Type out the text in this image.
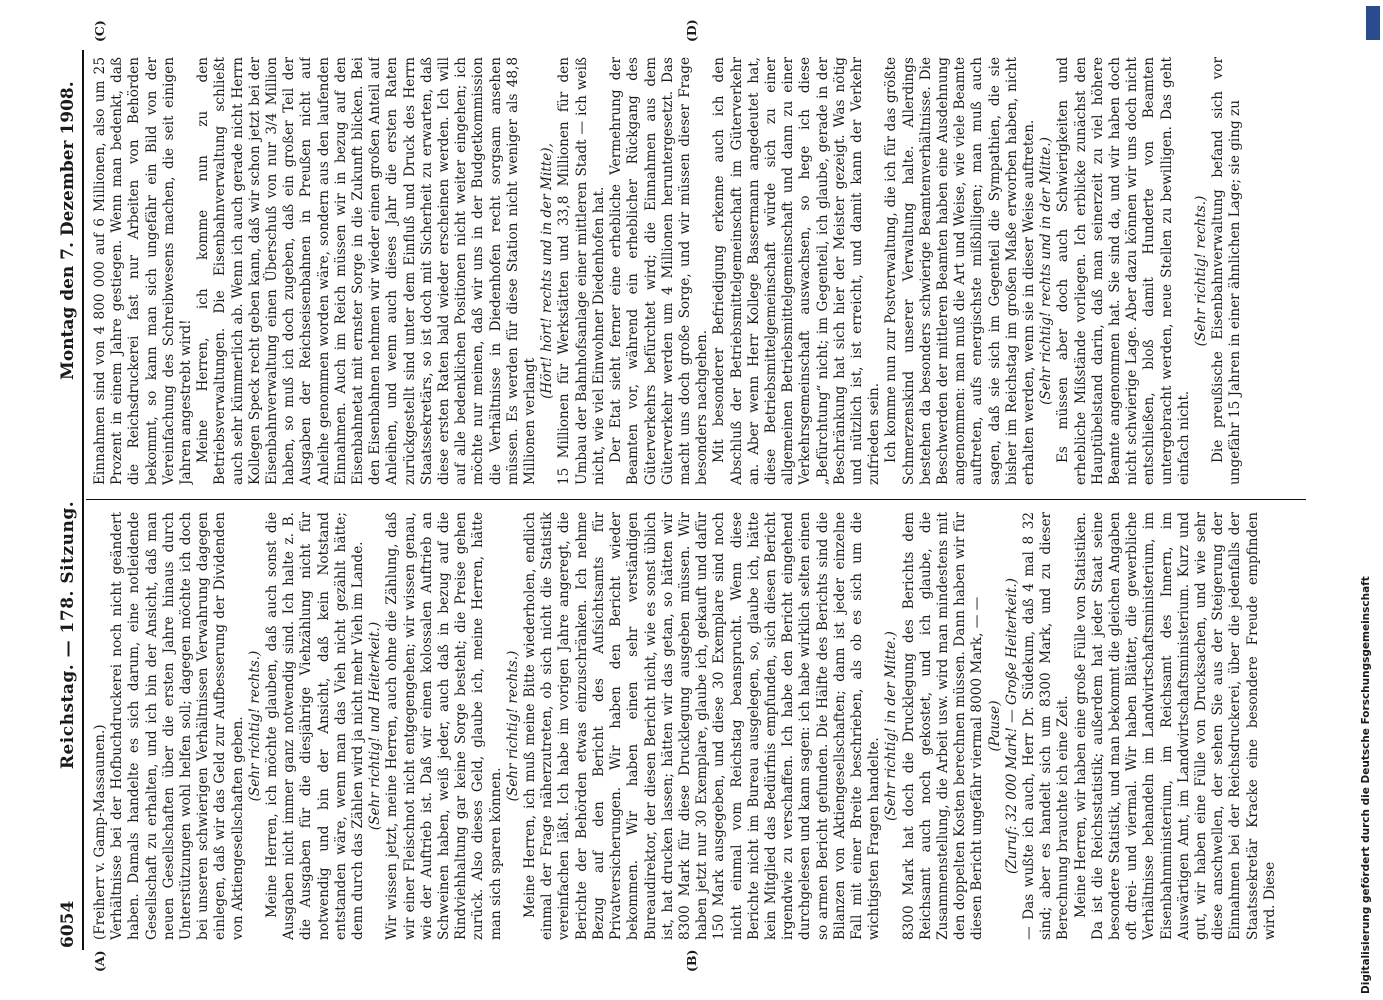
6054
Reichstag. — 178. Sitzung.
Montag den 7. Dezember 1908.
(A)	(B)
(C)	(D)

(Freiherr v. Gamp-Massaunen.) Verhältnisse bei der Hofbuchdruckerei noch nicht geändert haben. Damals handelte es sich darum, eine notleidende Gesellschaft zu erhalten, und ich bin der Ansicht, daß man neuen Gesellschaften über die ersten Jahre hinaus durch Unterstützungen wohl helfen soll; dagegen möchte ich doch bei unseren schwierigen Verhältnissen Verwahrung dagegen einlegen, daß wir das Geld zur Aufbesserung der Dividenden von Aktiengesellschaften geben. (Sehr richtig! rechts.) Meine Herren, ich möchte glauben, daß auch sonst die Ausgaben nicht immer ganz notwendig sind. Ich halte z. B. die Ausgaben für die diesjährige Viehzählung nicht für notwendig und bin der Ansicht, daß kein Notstand entstanden wäre, wenn man das Vieh nicht gezählt hätte; denn durch das Zählen wird ja nicht mehr Vieh im Lande. (Sehr richtig! und Heiterkeit.) Wir wissen jetzt, meine Herren, auch ohne die Zählung, daß wir einer Fleischnot nicht entgegengehen; wir wissen genau, wie der Auftrieb ist. Daß wir einen kolossalen Auftrieb an Schweinen haben, weiß jeder, auch daß in bezug auf die Rindviehhaltung gar keine Sorge besteht; die Preise gehen zurück. Also dieses Geld, glaube ich, meine Herren, hätte man sich sparen können.

(Sehr richtig! rechts.) Meine Herren, ich muß meine Bitte wiederholen, endlich einmal der Frage näherzutreten, ob sich nicht die Statistik vereinfachen läßt. Ich habe im vorigen Jahre angeregt, die Berichte der Behörden etwas einzuschränken. Ich nehme Bezug auf den Bericht des Aufsichtsamts für Privatversicherungen. Wir haben den Bericht wieder bekommen. Wir haben einen sehr verständigen Bureaudirektor, der diesen Bericht nicht, wie es sonst üblich ist, hat drucken lassen; hätten wir das getan, so hätten wir 8300 Mark für diese Drucklegung ausgeben müssen. Wir haben jetzt nur 30 Exemplare, glaube ich, gekauft und dafür 150 Mark ausgegeben, und diese 30 Exemplare sind noch nicht einmal vom Reichstag beansprucht. Wenn diese Berichte nicht im Bureau ausgelegen, so, glaube ich, hätte kein Mitglied das Bedürfnis empfunden, sich diesen Bericht irgendwie zu verschaffen. Ich habe den Bericht eingehend durchgelesen und kann sagen: ich habe wirklich selten einen so armen Bericht gefunden. Die Hälfte des Berichts sind die Bilanzen von Aktiengesellschaften; dann ist jeder einzelne Fall mit einer Breite beschrieben, als ob es sich um die wichtigsten Fragen handelte.

(Sehr richtig! in der Mitte.) 8300 Mark hat doch die Drucklegung des Berichts dem Reichsamt auch noch gekostet, und ich glaube, die Zusammenstellung, die Arbeit usw. wird man mindestens mit den doppelten Kosten berechnen müssen. Dann haben wir für diesen Bericht ungefähr viermal 8000 Mark, — — (Pause) (Zuruf: 32 000 Mark! — Große Heiterkeit.) — Das wußte ich auch, Herr Dr. Südekum, daß 4 mal 8 32 sind; aber es handelt sich um 8300 Mark, und zu dieser Berechnung brauchte ich eine Zeit. Meine Herren, wir haben eine große Fülle von Statistiken. Da ist die Reichsstatistik; außerdem hat jeder Staat seine besondere Statistik, und man bekommt die gleichen Angaben oft drei- und viermal. Wir haben Blätter, die gewerbliche Verhältnisse behandeln im Landwirtschaftsministerium, im Eisenbahnministerium, im Reichsamt des Innern, im Auswärtigen Amt, im Landwirtschaftsministerium. Kurz und gut, wir haben eine Fülle von Drucksachen, und wie sehr diese anschwellen, der sehen Sie aus der Steigerung der Einnahmen bei der Reichsdruckerei, über die jedenfalls der Staatssekretär Kracke eine besondere Freude empfinden wird. Diese

Einnahmen sind von 4 800 000 auf 6 Millionen, also um 25 Prozent in einem Jahre gestiegen. Wenn man bedenkt, daß die Reichsdruckerei fast nur Arbeiten von Behörden bekommt, so kann man sich ungefähr ein Bild von der Vereinfachung des Schreibwesens machen, die seit einigen Jahren angestrebt wird! Meine Herren, ich komme nun zu den Betriebsverwaltungen. Die Eisenbahnverwaltung schließt auch sehr kümmerlich ab. Wenn ich auch gerade nicht Herrn Kollegen Speck recht geben kann, daß wir schon jetzt bei der Eisenbahnverwaltung einen Überschuß von nur 3/4 Million haben, so muß ich doch zugeben, daß ein großer Teil der Ausgaben der Reichseisenbahnen in Preußen nicht auf Anleihe genommen worden wäre, sondern aus den laufenden Einnahmen. Auch im Reich müssen wir in bezug auf den Eisenbahnetat mit ernster Sorge in die Zukunft blicken. Bei den Eisenbahnen nehmen wir wieder einen großen Anteil auf Anleihen, und wenn auch dieses Jahr die ersten Raten zurückgestellt sind unter dem Einfluß und Druck des Herrn Staatssekretärs, so ist doch mit Sicherheit zu erwarten, daß diese ersten Raten bald wieder erscheinen werden. Ich will auf alle bedenklichen Positionen nicht weiter eingehen; ich möchte nur meinen, daß wir uns in der Budgetkommission die Verhältnisse in Diedenhofen recht sorgsam ansehen müssen. Es werden für diese Station nicht weniger als 48,8 Millionen verlangt

(Hört! hört! rechts und in der Mitte), 15 Millionen für Werkstätten und 33,8 Millionen für den Umbau der Bahnhofsanlage einer mittleren Stadt — ich weiß nicht, wie viel Einwohner Diedenhofen hat. Der Etat sieht ferner eine erhebliche Vermehrung der Beamten vor, während ein erheblicher Rückgang des Güterverkehrs befürchtet wird; die Einnahmen aus dem Güterverkehr werden um 4 Millionen heruntergesetzt. Das macht uns doch große Sorge, und wir müssen dieser Frage besonders nachgehen. Mit besonderer Befriedigung erkenne auch ich den Abschluß der Betriebsmittelgemeinschaft im Güterverkehr an. Aber wenn Herr Kollege Bassermann angedeutet hat, diese Betriebsmittelgemeinschaft würde sich zu einer allgemeinen Betriebsmittelgemeinschaft und dann zu einer Verkehrsgemeinschaft auswachsen, so hege ich diese „Befürchtung“ nicht; im Gegenteil, ich glaube, gerade in der Beschränkung hat sich hier der Meister gezeigt. Was nötig und nützlich ist, ist erreicht, und damit kann der Verkehr zufrieden sein. Ich komme nun zur Postverwaltung, die ich für das größte Schmerzenskind unserer Verwaltung halte. Allerdings bestehen da besonders schwierige Beamtenverhältnisse. Die Beschwerden der mittleren Beamten haben eine Ausdehnung angenommen: man muß die Art und Weise, wie viele Beamte auftreten, aufs energischste mißbilligen; man muß auch sagen, daß sie sich im Gegenteil die Sympathien, die sie bisher im Reichstag im großen Maße erworben haben, nicht erhalten werden, wenn sie in dieser Weise auftreten. (Sehr richtig! rechts und in der Mitte.) Es müssen aber doch auch Schwierigkeiten und erhebliche Mißstände vorliegen. Ich erblicke zunächst den Hauptübelstand darin, daß man seinerzeit zu viel höhere Beamte angenommen hat. Sie sind da, und wir haben doch nicht schwierige Lage. Aber dazu können wir uns doch nicht entschließen, bloß damit Hunderte von Beamten untergebracht werden, neue Stellen zu bewilligen. Das geht einfach nicht.

(Sehr richtig! rechts.) Die preußische Eisenbahnverwaltung befand sich vor ungefähr 15 Jahren in einer ähnlichen Lage; sie ging zu

Digitalisierung gefördert durch die Deutsche Forschungsgemeinschaft
